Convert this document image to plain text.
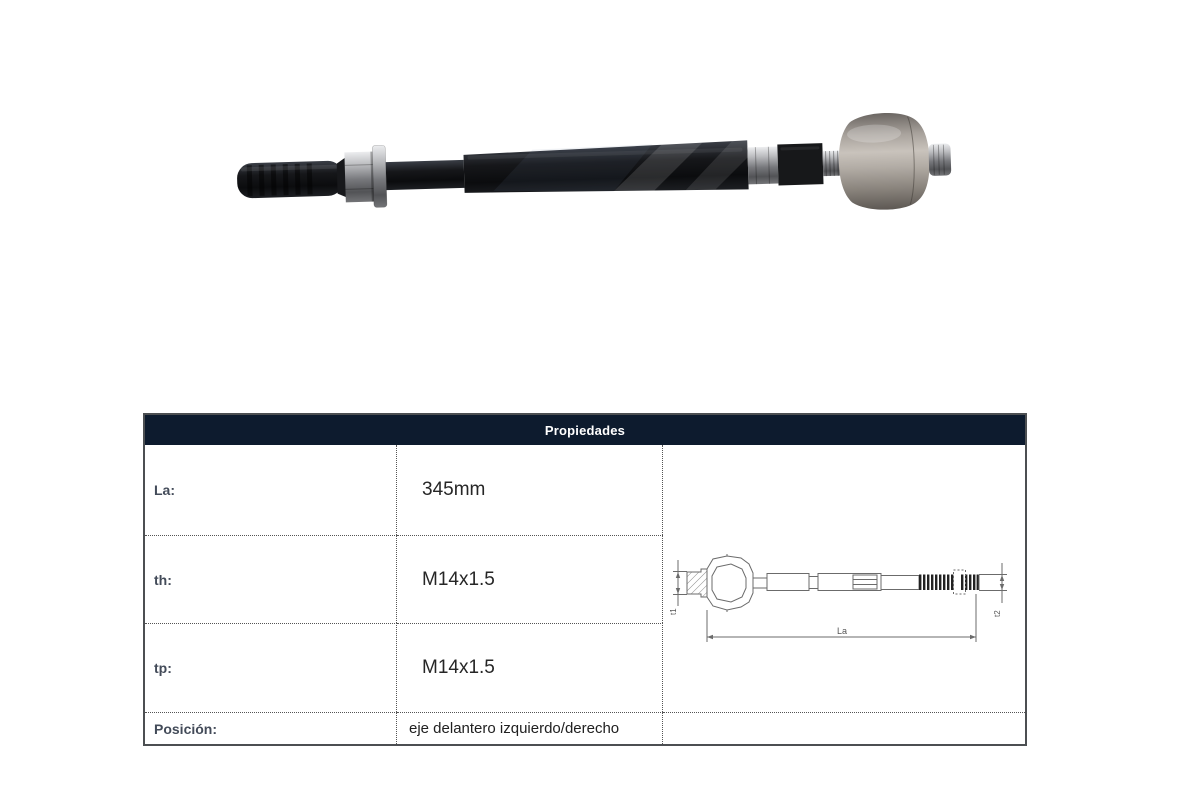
Propiedades
La:	345mm
t1	t2
La
th:	M14x1.5
tp:	M14x1.5
Posición:	eje delantero izquierdo/derecho
